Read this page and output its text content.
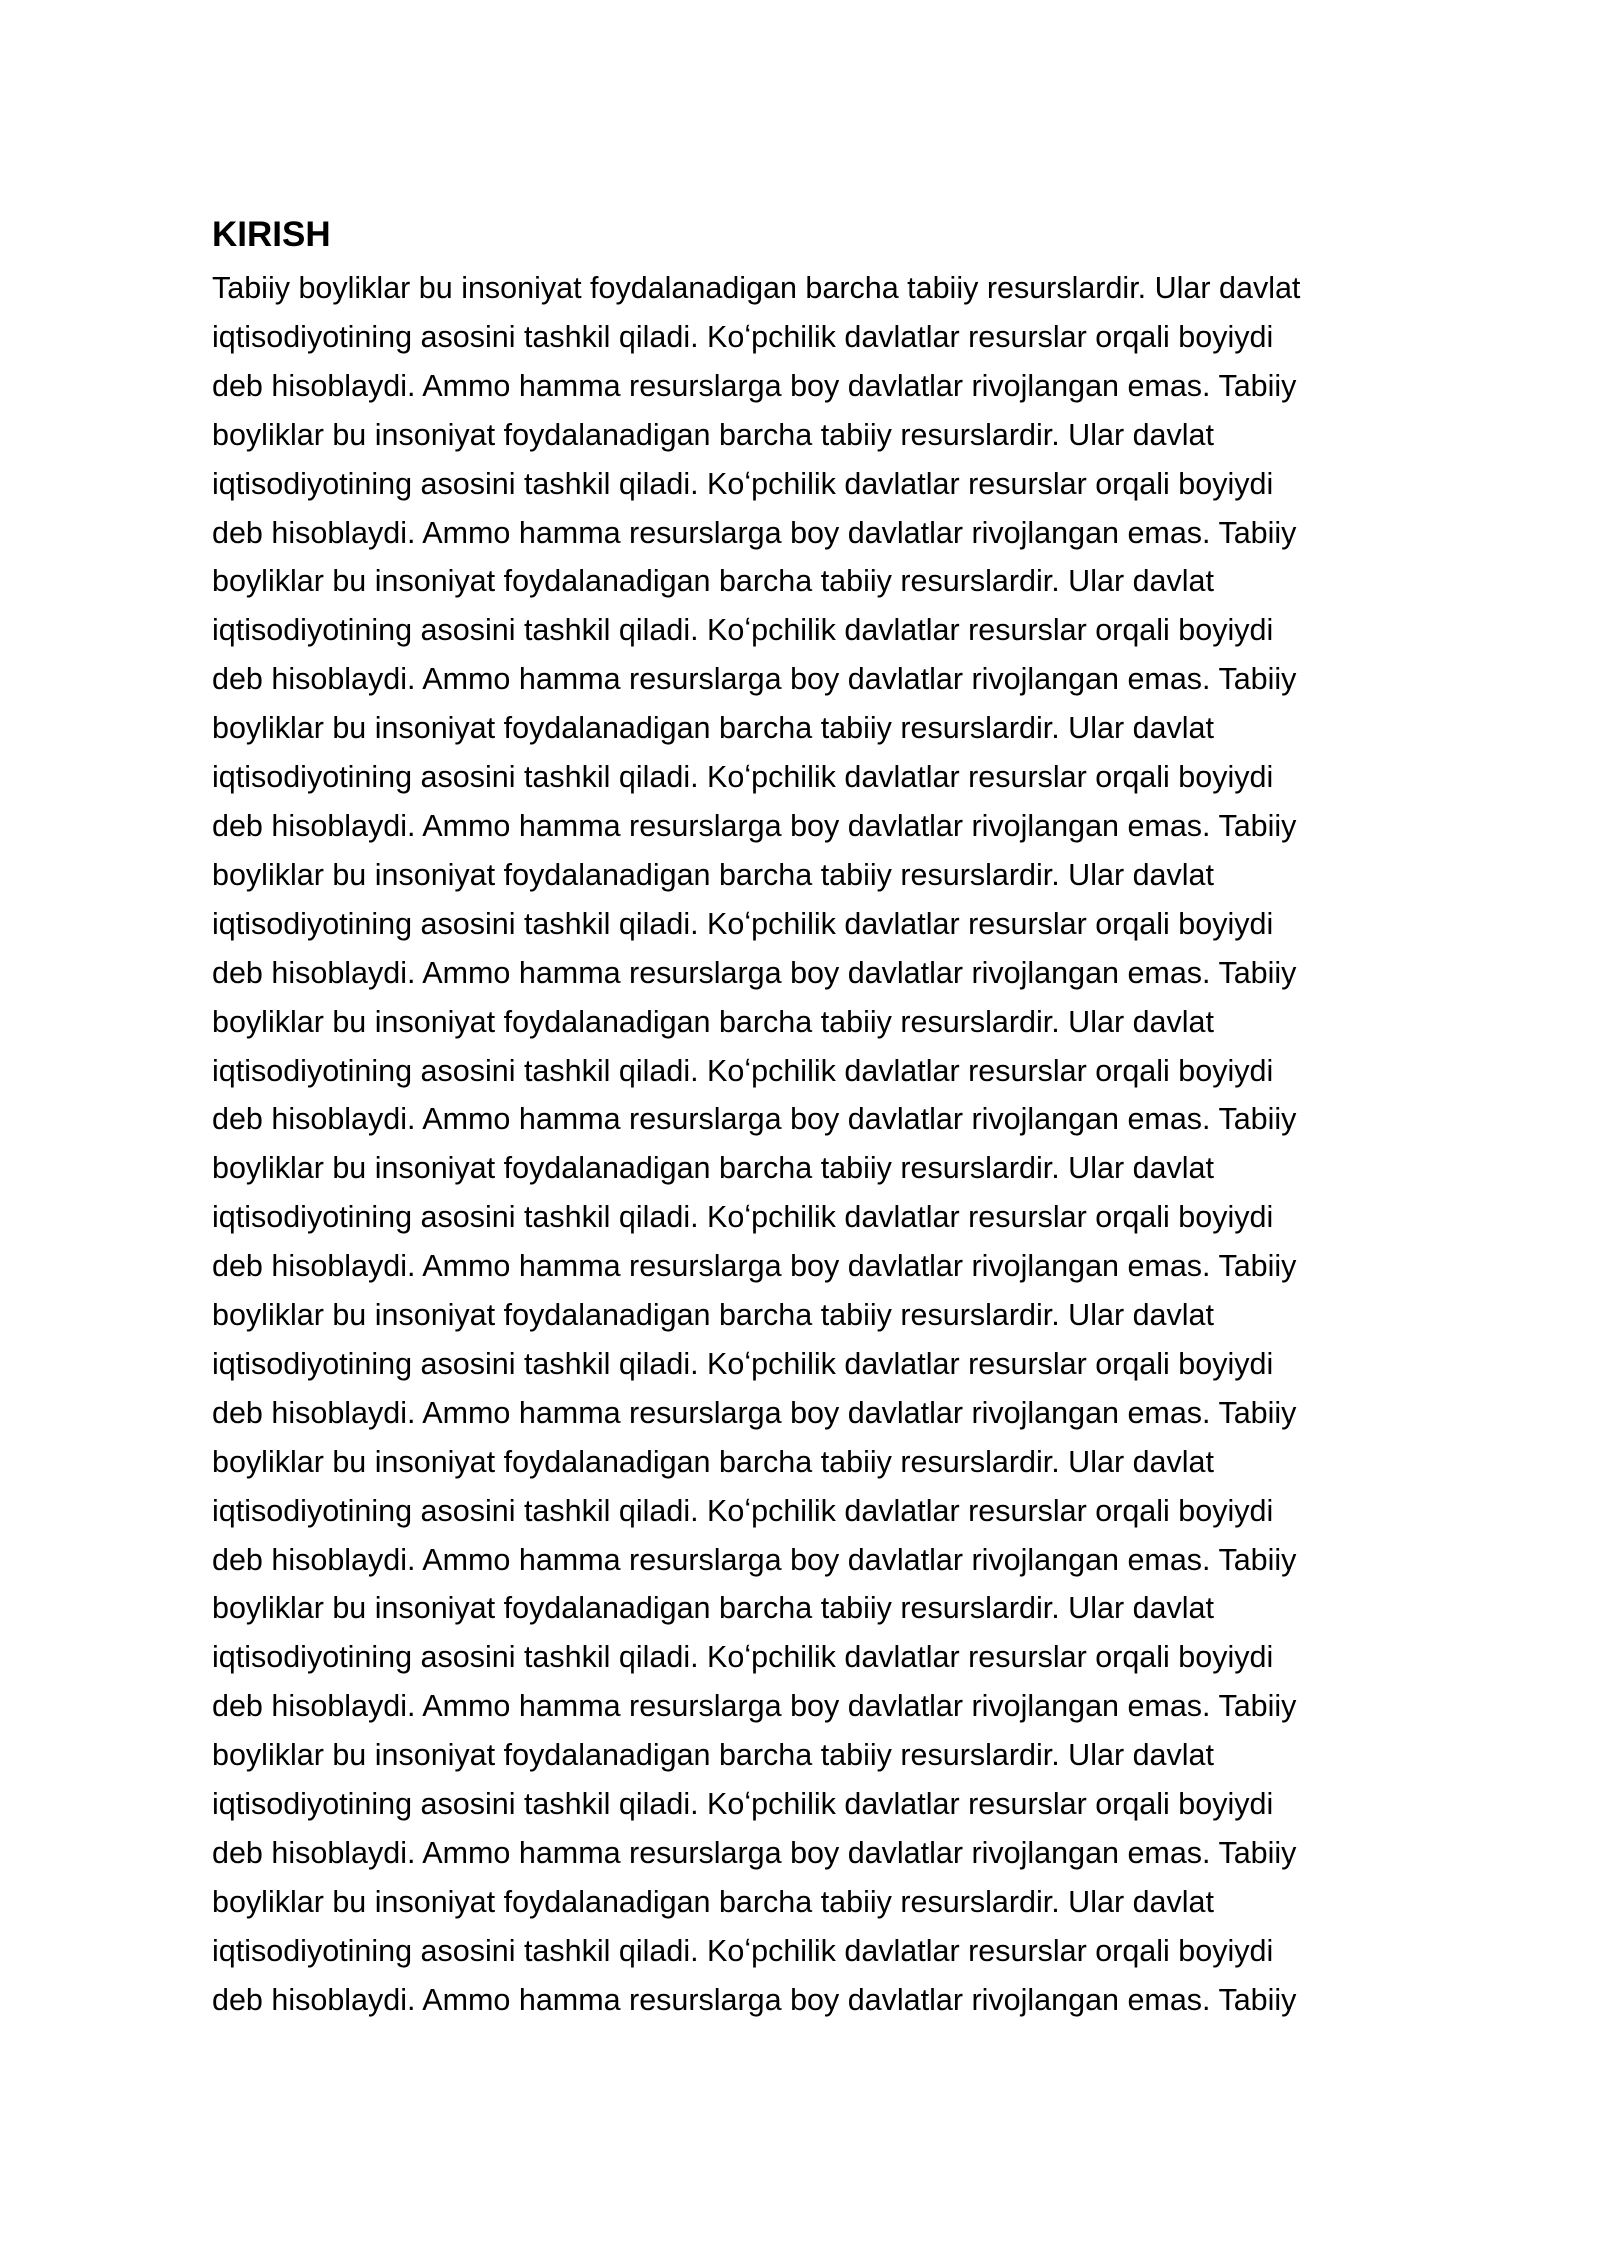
KIRISH
Tabiiy boyliklar bu insoniyat foydalanadigan barcha tabiiy resurslardir. Ular davlat
iqtisodiyotining asosini tashkil qiladi. Koʻpchilik davlatlar resurslar orqali boyiydi
deb hisoblaydi. Ammo hamma resurslarga boy davlatlar rivojlangan emas. Tabiiy
boyliklar bu insoniyat foydalanadigan barcha tabiiy resurslardir. Ular davlat
iqtisodiyotining asosini tashkil qiladi. Koʻpchilik davlatlar resurslar orqali boyiydi
deb hisoblaydi. Ammo hamma resurslarga boy davlatlar rivojlangan emas. Tabiiy
boyliklar bu insoniyat foydalanadigan barcha tabiiy resurslardir. Ular davlat
iqtisodiyotining asosini tashkil qiladi. Koʻpchilik davlatlar resurslar orqali boyiydi
deb hisoblaydi. Ammo hamma resurslarga boy davlatlar rivojlangan emas. Tabiiy
boyliklar bu insoniyat foydalanadigan barcha tabiiy resurslardir. Ular davlat
iqtisodiyotining asosini tashkil qiladi. Koʻpchilik davlatlar resurslar orqali boyiydi
deb hisoblaydi. Ammo hamma resurslarga boy davlatlar rivojlangan emas. Tabiiy
boyliklar bu insoniyat foydalanadigan barcha tabiiy resurslardir. Ular davlat
iqtisodiyotining asosini tashkil qiladi. Koʻpchilik davlatlar resurslar orqali boyiydi
deb hisoblaydi. Ammo hamma resurslarga boy davlatlar rivojlangan emas. Tabiiy
boyliklar bu insoniyat foydalanadigan barcha tabiiy resurslardir. Ular davlat
iqtisodiyotining asosini tashkil qiladi. Koʻpchilik davlatlar resurslar orqali boyiydi
deb hisoblaydi. Ammo hamma resurslarga boy davlatlar rivojlangan emas. Tabiiy
boyliklar bu insoniyat foydalanadigan barcha tabiiy resurslardir. Ular davlat
iqtisodiyotining asosini tashkil qiladi. Koʻpchilik davlatlar resurslar orqali boyiydi
deb hisoblaydi. Ammo hamma resurslarga boy davlatlar rivojlangan emas. Tabiiy
boyliklar bu insoniyat foydalanadigan barcha tabiiy resurslardir. Ular davlat
iqtisodiyotining asosini tashkil qiladi. Koʻpchilik davlatlar resurslar orqali boyiydi
deb hisoblaydi. Ammo hamma resurslarga boy davlatlar rivojlangan emas. Tabiiy
boyliklar bu insoniyat foydalanadigan barcha tabiiy resurslardir. Ular davlat
iqtisodiyotining asosini tashkil qiladi. Koʻpchilik davlatlar resurslar orqali boyiydi
deb hisoblaydi. Ammo hamma resurslarga boy davlatlar rivojlangan emas. Tabiiy
boyliklar bu insoniyat foydalanadigan barcha tabiiy resurslardir. Ular davlat
iqtisodiyotining asosini tashkil qiladi. Koʻpchilik davlatlar resurslar orqali boyiydi
deb hisoblaydi. Ammo hamma resurslarga boy davlatlar rivojlangan emas. Tabiiy
boyliklar bu insoniyat foydalanadigan barcha tabiiy resurslardir. Ular davlat
iqtisodiyotining asosini tashkil qiladi. Koʻpchilik davlatlar resurslar orqali boyiydi
deb hisoblaydi. Ammo hamma resurslarga boy davlatlar rivojlangan emas. Tabiiy
boyliklar bu insoniyat foydalanadigan barcha tabiiy resurslardir. Ular davlat
iqtisodiyotining asosini tashkil qiladi. Koʻpchilik davlatlar resurslar orqali boyiydi
deb hisoblaydi. Ammo hamma resurslarga boy davlatlar rivojlangan emas. Tabiiy
